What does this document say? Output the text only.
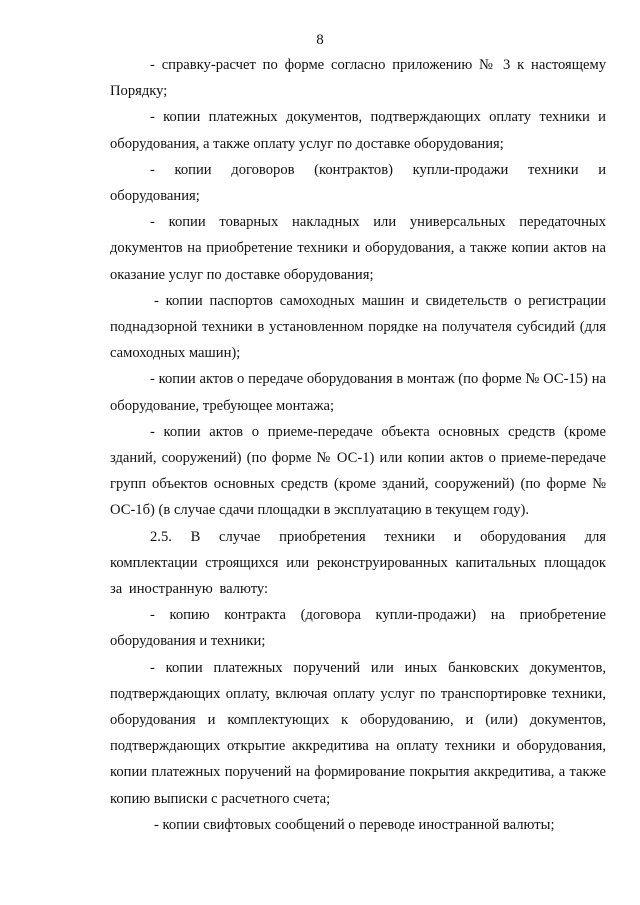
8

- справку-расчет по форме согласно приложению № 3 к настоящему Порядку;

- копии платежных документов, подтверждающих оплату техники и оборудования, а также оплату услуг по доставке оборудования;

- копии договоров (контрактов) купли-продажи техники и оборудования;

- копии товарных накладных или универсальных передаточных документов на приобретение техники и оборудования, а также копии актов на оказание услуг по доставке оборудования;

- копии паспортов самоходных машин и свидетельств о регистрации поднадзорной техники в установленном порядке на получателя субсидий (для самоходных машин);

- копии актов о передаче оборудования в монтаж (по форме № ОС-15) на оборудование, требующее монтажа;

- копии актов о приеме-передаче объекта основных средств (кроме зданий, сооружений) (по форме № ОС-1) или копии актов о приеме-передаче групп объектов основных средств (кроме зданий, сооружений) (по форме № ОС-1б) (в случае сдачи площадки в эксплуатацию в текущем году).

2.5. В случае приобретения техники и оборудования для комплектации строящихся или реконструированных капитальных площадок за иностранную валюту:

- копию контракта (договора купли-продажи) на приобретение оборудования и техники;

- копии платежных поручений или иных банковских документов, подтверждающих оплату, включая оплату услуг по транспортировке техники, оборудования и комплектующих к оборудованию, и (или) документов, подтверждающих открытие аккредитива на оплату техники и оборудования, копии платежных поручений на формирование покрытия аккредитива, а также копию выписки с расчетного счета;

- копии свифтовых сообщений о переводе иностранной валюты;
